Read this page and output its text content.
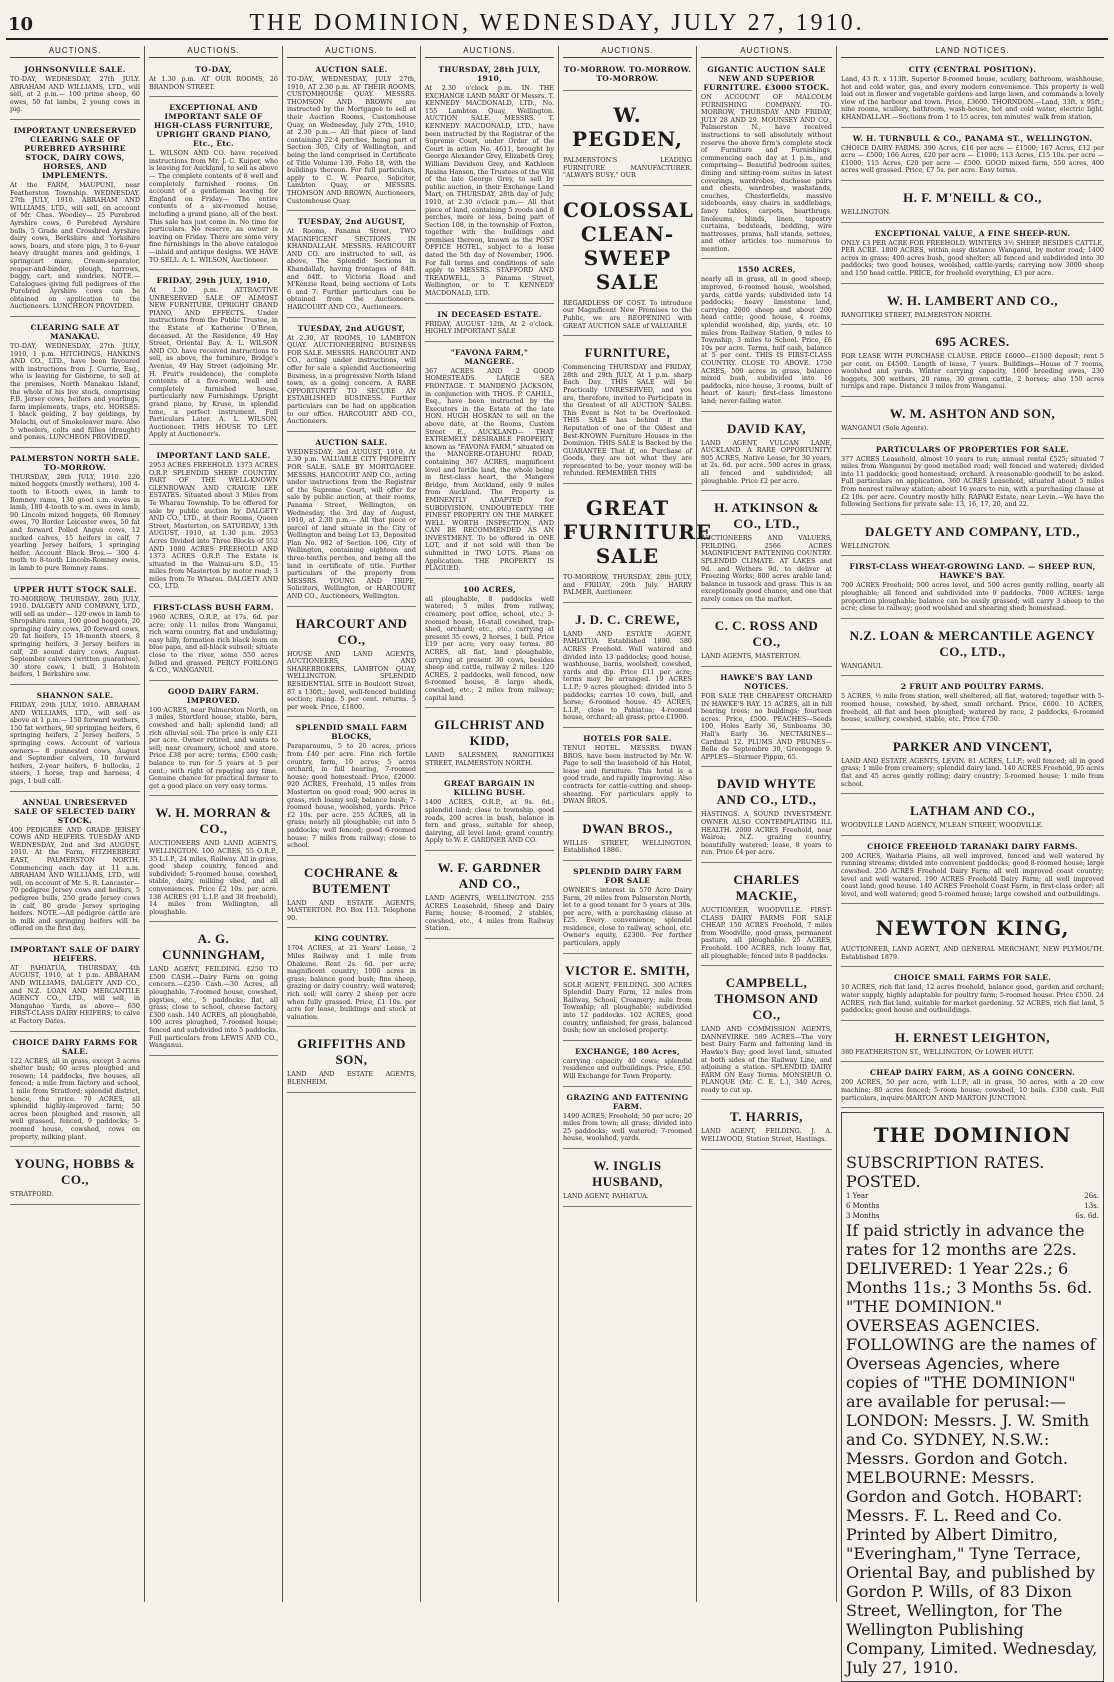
10	THE DOMINION, WEDNESDAY, JULY 27, 1910.
AUCTIONS.
JOHNSONVILLE SALE.
TO-DAY, WEDNESDAY, 27th JULY. ABRAHAM AND WILLIAMS, LTD., will sell, at 2 p.m.— 100 prime sheep, 60 ewes, 50 fat lambs, 2 young cows in pig.
IMPORTANT UNRESERVED CLEARING SALE OF PUREBRED AYRSHIRE STOCK, DAIRY COWS, HORSES, AND IMPLEMENTS.
At the FARM, MAUPUNI, near Featherston Township. WEDNESDAY, 27th JULY, 1910. ABRAHAM AND WILLIAMS, LTD., will sell, on account of Mr. Chas. Woodley— 25 Purebred Ayrshire cows, 6 Purebred Ayrshire bulls, 5 Grade and Crossbred Ayrshire dairy cows, Berkshire and Yorkshire sows, boars, and store pigs, 3 to 6-year heavy draught mares and geldings, 1 springcart mare. Cream-separator, reaper-and-binder, plough, harrows, buggy, cart, and sundries. NOTE.—Catalogues giving full pedigrees of the Purebred Ayrshire cows can be obtained on application to the Auctioneers. LUNCHEON PROVIDED.
CLEARING SALE AT MANAKAU.
TO-DAY, WEDNESDAY, 27th JULY, 1910, 1 p.m. HITCHINGS, HANKINS AND CO., LTD., have been favoured with instructions from J. Currie, Esq., who is leaving for Gisborne, to sell at the premises, North Manakau Island, the whole of his live stock, comprising F.B. Jersey cows, heifers and yearlings, farm implements, traps, etc. HORSES: 1 black gelding, 2 bay geldings, by Melachi, out of Smokeleaver mare. Also 5 wheelers, colts and fillies (draught) and ponies. LUNCHEON PROVIDED.
PALMERSTON NORTH SALE. TO-MORROW.
THURSDAY, 28th JULY, 1910. 220 mixed hoggets (mostly wethers), 100 4-tooth to 8-tooth ewes, in lamb to Romney rams, 130 good s.m. ewes in lamb, 180 4-tooth to s.m. ewes in lamb, 90 Lincoln mixed hoggets, 60 Romney ewes, 70 Border Leicester ewes, 50 fat and forward Polled Angus cows, 12 sucked calves, 15 heifers in calf, 7 yearling Jersey heifers, 1 springing heifer. Account Black Bros.— 300 4-tooth to 8-tooth Lincoln-Romney ewes, in lamb to pure Romney rams.
UPPER HUTT STOCK SALE.
TO-MORROW, THURSDAY, 28th JULY, 1910. DALGETY AND COMPANY, LTD., will sell as under— 120 ewes in lamb to Shropshire rams, 100 good hoggets, 20 springing dairy cows, 20 forward cows, 20 fat heifers, 15 18-month steers, 8 springing heifers, 3 Jersey heifers in calf, 20 sound dairy cows, August-September calvers (written guarantee), 30 store cows, 1 bull, 3 Holstein heifers, 1 Berkshire sow.
SHANNON SALE.
FRIDAY, 29th JULY, 1910. ABRAHAM AND WILLIAMS, LTD., will sell as above at 1 p.m.— 150 forward wethers, 150 fat wethers, 90 springing heifers, 6 springing heifers, 2 Jersey heifers, 5 springing cows. Account of various owners— 8 punnested cows, August and September calvers, 10 forward heifers, 2-year heifers, 6 bullocks, 2 steers, 1 horse, trap and harness, 4 pigs, 1 bull calf.
ANNUAL UNRESERVED SALE OF SELECTED DAIRY STOCK.
400 PEDIGREE AND GRADE JERSEY COWS AND HEIFERS. TUESDAY AND WEDNESDAY, 2nd and 3rd AUGUST, 1910. At the Farm, FITZHERBERT EAST, PALMERSTON NORTH. Commencing each day at 11 a.m. ABRAHAM AND WILLIAMS, LTD., will sell, on account of Mr. S. R. Lancaster— 70 pedigree Jersey cows and heifers, 5 pedigree bulls, 250 grade Jersey cows in calf, 80 grade Jersey springing heifers. NOTE.—All pedigree cattle are in milk and springing heifers will be offered on the first day.
IMPORTANT SALE OF DAIRY HEIFERS.
AT PAHIATUA, THURSDAY, 4th AUGUST, 1910, at 1 p.m. ABRAHAM AND WILLIAMS, DALGETY AND CO., and N.Z. LOAN AND MERCANTILE AGENCY CO., LTD., will sell, in Mangahao Yards, as above— 650 FIRST-CLASS DAIRY HEIFERS, to calve at Factory Dates.
CHOICE DAIRY FARMS FOR SALE.
122 ACRES, all in grass, except 3 acres shelter bush; 60 acres ploughed and resown; 14 paddocks, five houses, all fenced; a mile from factory and school, 1 mile from Stratford; splendid district, hence, the price. 70 ACRES, all splendid highly-improved farm; 50 acres been ploughed and resown, all well grassed, fenced, 9 paddocks; 5-roomed house, cowshed, cows on property, milking plant.
YOUNG, HOBBS & CO.,
STRATFORD.
AUCTIONS.
TO-DAY,
At 1.30 p.m. AT OUR ROOMS, 26 BRANDON STREET.
EXCEPTIONAL AND IMPORTANT SALE OF HIGH-CLASS FURNITURE, UPRIGHT GRAND PIANO, Etc., Etc.
L. WILSON AND CO. have received instructions from Mr. J. C. Kuiper, who is leaving for Auckland, to sell as above— The complete contents of 8 well and completely furnished rooms. On account of a gentleman leaving for England on Friday— The entire contents of a six-roomed house, including a grand piano, all of the best. This sale has just come in. No time for particulars. No reserve, as owner is leaving on Friday. There are some very fine furnishings in the above catalogue—inlaid and antique designs. WE HAVE TO SELL. A. L. WILSON, Auctioneer.
FRIDAY, 29th JULY, 1910,
At 1.30 p.m. ATTRACTIVE UNRESERVED SALE OF ALMOST NEW FURNITURE, UPRIGHT GRAND PIANO, AND EFFECTS. Under instructions from the Public Trustee, in the Estate of Katherine O'Brien, deceased. At the Residence, 49 Hay Street, Oriental Bay. A. L. WILSON AND CO. have received instructions to sell, as above, the furniture, Bridge's Avenue, 49 Hay Street (adjoining Mr. H. Fruit's residence), the complete contents of a five-room, well and completely furnished house, particularly new Furnishings. Upright grand piano, by Kruse, in splendid tone, a perfect instrument. Full Particulars Later. A. L. WILSON, Auctioneer. THIS HOUSE TO LET. Apply at Auctioneer's.
IMPORTANT LAND SALE.
2953 ACRES FREEHOLD. 1373 ACRES O.R.P. SPLENDID SHEEP COUNTRY. PART OF THE WELL-KNOWN GLENROWAN AND CRAIGIE LEE ESTATES. Situated about 3 Miles from Te Wharau Township. To be offered for sale by public auction by DALGETY AND CO., LTD., at their Rooms, Queen Street, Masterton, on SATURDAY, 13th AUGUST, 1910, at 1.30 p.m. 2953 Acres Divided into Three Blocks of 552 AND 1080 ACRES FREEHOLD AND 1373 ACRES O.R.P. The Estate is situated in the Wainui-uru S.D., 15 miles from Masterton by motor road; 3 miles from Te Wharau. DALGETY AND CO., LTD.
FIRST-CLASS BUSH FARM.
1960 ACRES, O.R.P., at 17s. 6d. per acre; only 11 miles from Wanganui, rich warm country, flat and undulating; easy hilly, formation rich black loam on blue papa, and all-black subsoil; situate close to the river, some 550 acres felled and grassed. PERCY FORLONG & CO., WANGANUI.
GOOD DAIRY FARM. IMPROVED.
100 ACRES, near Palmerston North, on 3 miles, Stortford house, stable, barn, cowshed and hall; splendid land; all rich alluvial soil. The price is only £21 per acre. Owner retired, and wants to sell; near creamery, school, and store. Price £38 per acre; terms, £500 cash; balance to run for 5 years at 5 per cent.; with right of repaying any time. Genuine chance for practical farmer to get a good place on very easy terms.
W. H. MORRAN & CO.,
AUCTIONEERS AND LAND AGENTS, WELLINGTON. 100 ACRES, 55 O.R.P., 35 L.I.P., 24 miles, Railway. All in grass, good sheep country, fenced and subdivided; 5-roomed house, cowshed, stable, dairy, milking shed, and all conveniences. Price £2 10s. per acre. 138 ACRES (91 L.I.P. and 38 freehold), 14 miles from Wellington, all ploughable.
A. G. CUNNINGHAM,
LAND AGENT, FEILDING. £250 TO £500 CASH.—Dairy Farm on going concern.—£250 Cash.—30 Acres, all ploughable, 7-roomed house, cowshed, pigsties, etc., 5 paddocks; flat, all grass; close to school, cheese factory, £300 cash. 140 ACRES, all ploughable, 100 acres ploughed, 7-roomed house; fenced and subdivided into 5 paddocks. Full particulars from LEWIS AND CO., Wanganui.
AUCTIONS.
AUCTION SALE.
TO-DAY, WEDNESDAY, JULY 27th, 1910, AT 2.30 p.m. AT THEIR ROOMS, CUSTOMHOUSE QUAY. MESSRS. THOMSON AND BROWN are instructed by the Mortgagee to sell at their Auction Rooms, Customhouse Quay, on Wednesday, July 27th, 1910, at 2.30 p.m.— All that piece of land containing 22.4 perches, being part of Section 305, City of Wellington, and being the land comprised in Certificate of Title Volume 139, Folio 18, with the buildings thereon. For full particulars, apply to C. W. Pearce, Solicitor, Lambton Quay, or MESSRS. THOMSON AND BROWN, Auctioneers, Customhouse Quay.
TUESDAY, 2nd AUGUST,
At Rooms, Panama Street, TWO MAGNIFICENT SECTIONS IN KHANDALLAH. MESSRS. HARCOURT AND CO. are instructed to sell, as above, The Splendid Sections in Khandallah, having frontages of 84ft. and 64ft. to Victoria Road and M'Kenzie Road, being sections of Lots 6 and 7. Further particulars can be obtained from the Auctioneers. HARCOURT AND CO., Auctioneers.
TUESDAY, 2nd AUGUST,
At 2.30, AT ROOMS, 10 LAMBTON QUAY. AUCTIONEERING BUSINESS FOR SALE. MESSRS. HARCOURT AND CO., acting under instructions, will offer for sale a splendid Auctioneering Business, in a progressive North Island town, as a going concern. A RARE OPPORTUNITY TO SECURE AN ESTABLISHED BUSINESS. Further particulars can be had on application to our office. HARCOURT AND CO., Auctioneers.
AUCTION SALE.
WEDNESDAY, 3rd AUGUST, 1910, At 2.30 p.m. VALUABLE CITY PROPERTY FOR SALE. SALE BY MORTGAGEE. MESSRS. HARCOURT AND CO., acting under instructions from the Registrar of the Supreme Court, will offer for sale by public auction, at their rooms, Panama Street, Wellington, on Wednesday, the 3rd day of August, 1910, at 2.30 p.m.— All that piece or parcel of land situate in the City of Wellington and being Lot 13, Deposited Plan No. 982 of Section 106, City of Wellington, containing eighteen and three-tenths perches, and being all the land in certificate of title. Further particulars of the property from MESSRS. YOUNG AND TRIPE, Solicitors, Wellington, or HARCOURT AND CO., Auctioneers, Wellington.
HARCOURT AND CO.,
HOUSE AND LAND AGENTS, AUCTIONEERS, AND SHAREBROKERS, LAMBTON QUAY, WELLINGTON. SPLENDID RESIDENTIAL SITE in Boulcott Street, 87 x 130ft.; level, well-fenced building section; rising. 5 per cent. returns. 5 per week. Price, £1800.
SPLENDID SMALL FARM BLOCKS,
Paraparaumu, 5 to 20 acres, prices from £40 per acre. Fine rich fertile country, farm, 10 acres; 5 acres orchard, in full bearing, 7-roomed house; good homestead. Price, £2000. 920 ACRES, Freehold, 15 miles from Masterton on good road; 900 acres in grass, rich loamy soil; balance bush; 7-roomed house, woolshed, yards. Price £2 10s. per acre. 255 ACRES, all in grass; nearly all ploughable; cut into 5 paddocks; well fenced; good 6-roomed house; 7 miles from railway; close to school.
COCHRANE & BUTEMENT
LAND AND ESTATE AGENTS, MASTERTON. P.O. Box 113. Telephone 90.
KING COUNTRY.
1704 ACRES, at 21 Years' Lease, 2 Miles Railway and 1 mile from Ohakune. Rent 2s. 6d. per acre; magnificent country; 1000 acres in grass; balance good bush; fine sheep, grazing or dairy country; well watered; rich soil; will carry 2 sheep per acre when fully grassed. Price, £1 10s. per acre for lease, buildings and stock at valuation.
GRIFFITHS AND SON,
LAND AND ESTATE AGENTS, BLENHEIM.
AUCTIONS.
THURSDAY, 28th JULY, 1910,
At 2.30 o'clock p.m. IN THE EXCHANGE LAND MART Of Messrs. T. KENNEDY MACDONALD, LTD., No. 155 Lambton Quay, Wellington. AUCTION SALE. MESSRS. T. KENNEDY MACDONALD, LTD., have been instructed by the Registrar of the Supreme Court, under Order of the Court in action No. 4611, brought by George Alexander Grey, Elizabeth Grey, William Davidson Grey, and Kathleen Rosina Hansen, the Trustees of the Will of the late George Grey, to sell by public auction, in their Exchange Land Mart, on THURSDAY, 28th day of July, 1910, at 2.30 o'clock p.m.— All that piece of land, containing 5 roods and 8 perches, more or less, being part of Section 108, in the township of Foxton, together with the buildings and premises thereon, known as the POST OFFICE HOTEL, subject to a lease dated the 5th day of November, 1906. For full terms and conditions of sale apply to MESSRS. STAFFORD AND TREADWELL, 3 Panama Street, Wellington, or to T. KENNEDY MACDONALD, LTD.
IN DECEASED ESTATE.
FRIDAY, AUGUST 12th, At 2 o'clock. HIGHLY IMPORTANT SALE
"FAVONA FARM," MANGERE.
367 ACRES AND 2 GOOD HOMESTEADS. LARGE SEA FRONTAGE. T. MANDENO JACKSON, in conjunction with THOS. P. CAHILL, Esq., have been instructed by the Executors in the Estate of the late HON. HUGH HOSKAN to sell on the above date, at the Rooms, Custom Street E., AUCKLAND— THAT EXTREMELY DESIRABLE PROPERTY, known as "FAVONA FARM," situated on the MANGERE-OTAHUHU ROAD, containing 367 ACRES, magnificent level and fertile land, the whole being in first-class heart, the Mangere Bridge, from Auckland, only 9 miles from Auckland. The Property is EMINENTLY ADAPTED for SUBDIVISION. UNDOUBTEDLY THE FINEST PROPERTY ON THE MARKET. WELL WORTH INSPECTION, AND CAN BE RECOMMENDED AS AN INVESTMENT. To be offered in ONE LOT, and if not sold will then be submitted in TWO LOTS. Plans on Application. THE PROPERTY IS PLAGUED.
100 ACRES,
all ploughable, 8 paddocks well watered; 5 miles from railway, creamery, post office, school, etc.; 3-roomed house, 16-stall cowshed, trap-shed, orchard; etc., etc.; carrying at present 35 cows, 2 horses, 1 bull. Price £19 per acre; very easy terms. 80 ACRES, all flat, land ploughable, carrying at present 30 cows, besides sheep and cattle, railway 2 miles. 120 ACRES, 2 paddocks, well fenced, new 6-roomed house, 8 large sheds, cowshed, etc.; 2 miles from railway; capital land.
GILCHRIST AND KIDD,
LAND SALESMEN, RANGITIKEI STREET, PALMERSTON NORTH.
GREAT BARGAIN IN KILLING BUSH.
1400 ACRES, O.R.P., at 9s. 6d.; splendid land; close to township, good roads, 200 acres in bush, balance in fern and grass, suitable for sheep, dairying, all level land; grand country. Apply to W. F. GARDNER AND CO.
W. F. GARDNER AND CO.,
LAND AGENTS, WELLINGTON. 255 ACRES Leasehold, Sheep and Dairy Farm; house; 8-roomed, 2 stables, cowshed, etc., 4 miles from Railway Station.
AUCTIONS.
TO-MORROW. TO-MORROW. TO-MORROW.
W. PEGDEN,
PALMERSTON'S LEADING FURNITURE MANUFACTURER. "ALWAYS BUSY." OUR
COLOSSAL CLEAN-SWEEP SALE
REGARDLESS OF COST. To introduce our Magnificent New Premises to the Public, we are REOPENING with GREAT AUCTION SALE of VALUABLE
FURNITURE,
Commencing THURSDAY and FRIDAY, 28th and 29th JULY, At 1 p.m. sharp Each Day. THIS SALE will be Practically UNRESERVED, and you are, therefore, invited to Participate in the Greatest of all AUCTION SALES. This Event is Not to be Overlooked. THIS SALE has behind it the Reputation of one of the Oldest and Best-KNOWN Furniture Houses in the Dominion. THIS SALE is Backed by the GUARANTEE That if, on Purchase of Goods, they are not what they are represented to be, your money will be refunded. REMEMBER THIS
GREAT FURNITURE SALE
TO-MORROW, THURSDAY, 28th JULY, and FRIDAY, 29th July. HARRY PALMER, Auctioneer.
J. D. C. CREWE,
LAND AND ESTATE AGENT, PAHIATUA. Established 1890. 580 ACRES Freehold. Well watered and divided into 13 paddocks; good house, washhouse, barns, woolshed, cowshed, yards and dip. Price £11 per acre; terms may be arranged. 19 ACRES L.I.P.; 9 acres ploughed; divided into 5 paddocks; carries 10 cows, bull, and horse; 6-roomed house. 45 ACRES, L.I.P., close to Pahiatua; 4-roomed house, orchard; all grass; price £1900.
HOTELS FOR SALE.
TENUI HOTEL. MESSRS. DWAN BROS. have been instructed by Mr. W. Page to sell the leasehold of his Hotel, lease and furniture. This hotel is a good trade, and rapidly improving. Also contracts for cattle-cutting and sheep-shearing. For particulars apply to DWAN BROS.
DWAN BROS.,
WILLIS STREET, WELLINGTON. Established 1886.
SPLENDID DAIRY FARM FOR SALE
OWNER'S interest in 570 Acre Dairy Farm, 20 miles from Palmerston North, let to a good tenant for 5 years at 30s. per acre, with a purchasing clause at £25. Every convenience; splendid residence, close to railway, school, etc. Owner's equity, £2300. For further particulars, apply
VICTOR E. SMITH,
SOLE AGENT, FEILDING. 300 ACRES Splendid Dairy Farm, 12 miles from Railway, School, Creamery; mile from Township; all ploughable; subdivided into 12 paddocks. 102 ACRES, good country, unfinished, for grass, balanced bush; now an enclosed property.
EXCHANGE, 180 Acres,
carrying capacity 40 cows; splendid residence and outbuildings. Price, £50. Will Exchange for Town Property.
GRAZING AND FATTENING FARM.
1490 ACRES, Freehold; 50 per acre; 20 miles from town; all grass; divided into 25 paddocks; well watered; 7-roomed house, woolshed, yards.
W. INGLIS HUSBAND,
LAND AGENT, PAHIATUA.
AUCTIONS.
GIGANTIC AUCTION SALE NEW AND SUPERIOR FURNITURE. £3000 STOCK.
ON ACCOUNT OF MALCOLM FURNISHING COMPANY. TO-MORROW, THURSDAY AND FRIDAY, JULY 28 AND 29. MOUNSEY AND CO., Palmerston N., have received instructions to sell absolutely without reserve the above firm's complete stock of Furniture and Furnishings, commencing each day at 1 p.m., and comprising— Beautiful bedroom suites, dining and sitting-room suites in latest coverings, wardrobes, duchesse pairs and chests, wardrobes, washstands, couches, Chesterfields, massive sideboards, easy chairs in saddlebags, fancy tables, carpets, hearthrugs, linoleums, blinds, linen, tapestry curtains, bedsteads, bedding, wire mattresses, prams, hall stands, settees, and other articles too numerous to mention.
1550 ACRES,
nearly all in grass, all in good sheep; improved, 6-roomed house, woolshed, yards, cattle yards; subdivided into 14 paddocks; heavy limestone land, carrying 2000 sheep and about 200 head cattle; good house, 4 rooms, splendid woolshed, dip, yards, etc. 10 miles from Railway Station, 9 miles to Township, 3 miles to School. Price, £6 10s per acre. Terms, half cash, balance at 5 per cent. THIS IS FIRST-CLASS COUNTRY. CLOSE TO ABOVE. 1750 ACRES, 500 acres in grass, balance mixed bush, subdivided into 16 paddocks, nice house, 3 rooms, built of heart of kauri; first-class limestone land; never-failing water.
DAVID KAY,
LAND AGENT, VULCAN LANE, AUCKLAND. A RARE OPPORTUNITY. 805 ACRES, Native Lease, for 30 years, at 2s. 6d. per acre. 500 acres in grass, all fenced and subdivided; all ploughable. Price £2 per acre.
H. ATKINSON & CO., LTD.,
AUCTIONEERS AND VALUERS, FEILDING. 2566 ACRES MAGNIFICENT FATTENING COUNTRY. SPLENDID CLIMATE. AT LAKES and 9d. and Wethers 9d. to deliver at Freezing Works; 800 acres arable land; balance in tussock and grass. This is an exceptionally good chance, and one that rarely comes on the market.
C. C. ROSS AND CO.,
LAND AGENTS, MASTERTON.
HAWKE'S BAY LAND NOTICES.
FOR SALE THE CHEAPEST ORCHARD IN HAWKE'S BAY. 15 ACRES, all in full bearing trees; no buildings; fourteen acres. Price, £500. PEACHES—Seeds 100, Holes Early 36, Sunbeams 30, Hall's Early 36. NECTARINES—Cardinal 12. PLUMS AND PRUNES—Belle de Septembre 30, Greengage 9. APPLES—Sturmer Pippin, 65.
DAVID WHYTE AND CO., LTD.,
HASTINGS. A SOUND INVESTMENT. OWNER ALSO CONTEMPLATING ILL HEALTH. 2000 ACRES Freehold, near Wairoa; N.Z. grazing country, beautifully watered; lease, 8 years to run. Price £4 per acre.
CHARLES MACKIE,
AUCTIONEER, WOODVILLE. FIRST-CLASS DAIRY FARMS FOR SALE CHEAP. 150 ACRES Freehold, 7 miles from Woodville, good grass, permanent pasture, all ploughable. 25 ACRES, Freehold. 100 ACRES, rich loamy flat, all ploughable; fenced into 8 paddocks.
CAMPBELL, THOMSON AND CO.,
LAND AND COMMISSION AGENTS, DANNEVIRKE. 589 ACRES—The very best Dairy Farm and fattening land in Hawke's Bay; good level land, situated at both sides of the Railway Line, and adjoining a station. SPLENDID DAIRY FARM ON Easy Terms. MONSIEUR O. PLANQUE (Mr. C. E. L.), 340 Acres, ready to cut up.
T. HARRIS,
LAND AGENT, FEILDING. J. A. WELLWOOD, Station Street, Hastings.
LAND NOTICES.
CITY (CENTRAL POSITION).
Land, 43 ft. x 113ft. Superior 8-roomed house, scullery, bathroom, washhouse, hot and cold water, gas, and every modern convenience. This property is well laid out in flower and vegetable gardens and large lawn, and commands a lovely view of the harbour and town. Price, £3600. THORNDON.—Land, 33ft. x 95ft.; nine rooms, scullery, bathroom, wash-house, hot and cold water, electric light. KHANDALLAH.—Sections from 1 to 15 acres, ten minutes' walk from station.
W. H. TURNBULL & CO., PANAMA ST., WELLINGTON.
CHOICE DAIRY FARMS. 390 Acres, £16 per acre — £1500; 167 Acres, £12 per acre — £500; 166 Acres, £20 per acre — £1000; 113 Acres, £15 10s. per acre — £1000; 115 Acres, £20 per acre — £500. GOOD mixed farm, 550 acres, 400 acres well grassed. Price, £7 5s. per acre. Easy terms.
H. F. M'NEILL & CO.,
WELLINGTON.
EXCEPTIONAL VALUE, A FINE SHEEP-RUN.
ONLY £3 PER ACRE FOR FREEHOLD. WINTERS 3½ SHEEP, BESIDES CATTLE, PER ACRE. 1800 ACRES, within easy distance Wanganui, by motor road; 1400 acres in grass; 400 acres bush, good shelter; all fenced and subdivided into 30 paddocks; two good houses, woolshed, cattle-yards; carrying now 3000 sheep and 150 head cattle. PRICE, for freehold everything, £3 per acre.
W. H. LAMBERT AND CO.,
RANGITIKEI STREET, PALMERSTON NORTH.
695 ACRES.
FOR LEASE WITH PURCHASE CLAUSE. PRICE £6000—£1500 deposit; rent 5 per cent. on £4500. Length of lease, 7 years. Buildings—House of 7 rooms, woolshed and yards. Winter carrying capacity, 1600 breeding ewes, 230 hoggets, 300 wethers, 20 rams, 30 grown cattle, 2 horses; also 150 acres turnips and rape. Distance 3 miles from Wanganui.
W. M. ASHTON AND SON,
WANGANUI (Sole Agents).
PARTICULARS OF PROPERTIES FOR SALE.
377 ACRES Leasehold, almost 10 years to run; annual rental £525; situated 7 miles from Wanganui by good metalled road; well fenced and watered; divided into 11 paddocks; good homestead; orchard. A reasonable goodwill to be asked. Full particulars on application. 360 ACRES Leasehold, situated about 5 miles from nearest railway station; about 16 years to run, with a purchasing clause at £2 10s. per acre. Country mostly hilly. RAPAKI Estate, near Levin.—We have the following Sections for private sale: 13, 16, 17, 20, and 22.
DALGETY AND COMPANY, LTD.,
WELLINGTON.
FIRST-CLASS WHEAT-GROWING LAND. — SHEEP RUN, HAWKE'S BAY.
700 ACRES Freehold; 500 acres level, and 500 acres gently rolling, nearly all ploughable; all fenced and subdivided into 9 paddocks. 7000 ACRES: large proportion ploughable; balance can be easily grassed; will carry 3 sheep to the acre; close to railway; good woolshed and shearing shed; homestead.
N.Z. LOAN & MERCANTILE AGENCY CO., LTD.,
WANGANUI.
2 FRUIT AND POULTRY FARMS.
5 ACRES, ½ mile from station, well sheltered, all flat, watered; together with 5-roomed house, cowshed, by-shed, small orchard. Price, £600. 10 ACRES, freehold, all flat and been ploughed; watered by race, 2 paddocks, 6-roomed house, scullery, cowshed, stable, etc. Price £750.
PARKER AND VINCENT,
LAND AND ESTATE AGENTS, LEVIN. 81 ACRES, L.I.P.; well fenced; all in good grass; 1 mile from creamery; splendid dairy land. 140 ACRES Freehold, 95 acres flat and 45 acres gently rolling; dairy country; 5-roomed house; 1 mile from school.
LATHAM AND CO.,
WOODVILLE LAND AGENCY, M'LEAN STREET, WOODVILLE.
CHOICE FREEHOLD TARANAKI DAIRY FARMS.
200 ACRES, Waitaria Plains, all well improved, fenced and well watered by running streams; divided into convenient paddocks; good 8-roomed house; large cowshed. 250 ACRES Freehold Dairy Farm; all well improved coast country; level and well watered. 190 ACRES Freehold Dairy Farm; all well improved coast land; good house. 140 ACRES Freehold Coast Farm, in first-class order; all level, and well watered; good 5-roomed house; large cowshed and outbuildings.
NEWTON KING,
AUCTIONEER, LAND AGENT, AND GENERAL MERCHANT, NEW PLYMOUTH. Established 1879.
CHOICE SMALL FARMS FOR SALE.
10 ACRES, rich flat land, 12 acres freehold, balance good, garden and orchard; water supply, highly adaptable for poultry farm; 5-roomed house. Price £550. 24 ACRES, rich flat land, suitable for market gardening. 52 ACRES, rich flat land, 5 paddocks; good house and outbuildings.
H. ERNEST LEIGHTON,
380 FEATHERSTON ST., WELLINGTON, Or LOWER HUTT.
CHEAP DAIRY FARM, AS A GOING CONCERN.
200 ACRES, 50 per acre, with L.I.P., all in grass, 50 acres, with a 20 cow machine; 80 acres fenced; 5-room house; cowshed, 10 bails. £350 cash. Full particulars, inquire MARTON AND MARTON JUNCTION.
THE DOMINION
SUBSCRIPTION RATES.
POSTED.
1 Year	26s.
6 Months	13s.
3 Months	6s. 6d.
If paid strictly in advance the rates for 12 months are 22s. DELIVERED: 1 Year 22s.; 6 Months 11s.; 3 Months 5s. 6d.
"THE DOMINION."
OVERSEAS AGENCIES.
FOLLOWING are the names of Overseas Agencies, where copies of "THE DOMINION" are available for perusal:— LONDON: Messrs. J. W. Smith and Co. SYDNEY, N.S.W.: Messrs. Gordon and Gotch. MELBOURNE: Messrs. Gordon and Gotch. HOBART: Messrs. F. L. Reed and Co.
Printed by Albert Dimitro, "Everingham," Tyne Terrace, Oriental Bay, and published by Gordon P. Wills, of 83 Dixon Street, Wellington, for The Wellington Publishing Company, Limited. Wednesday, July 27, 1910.
